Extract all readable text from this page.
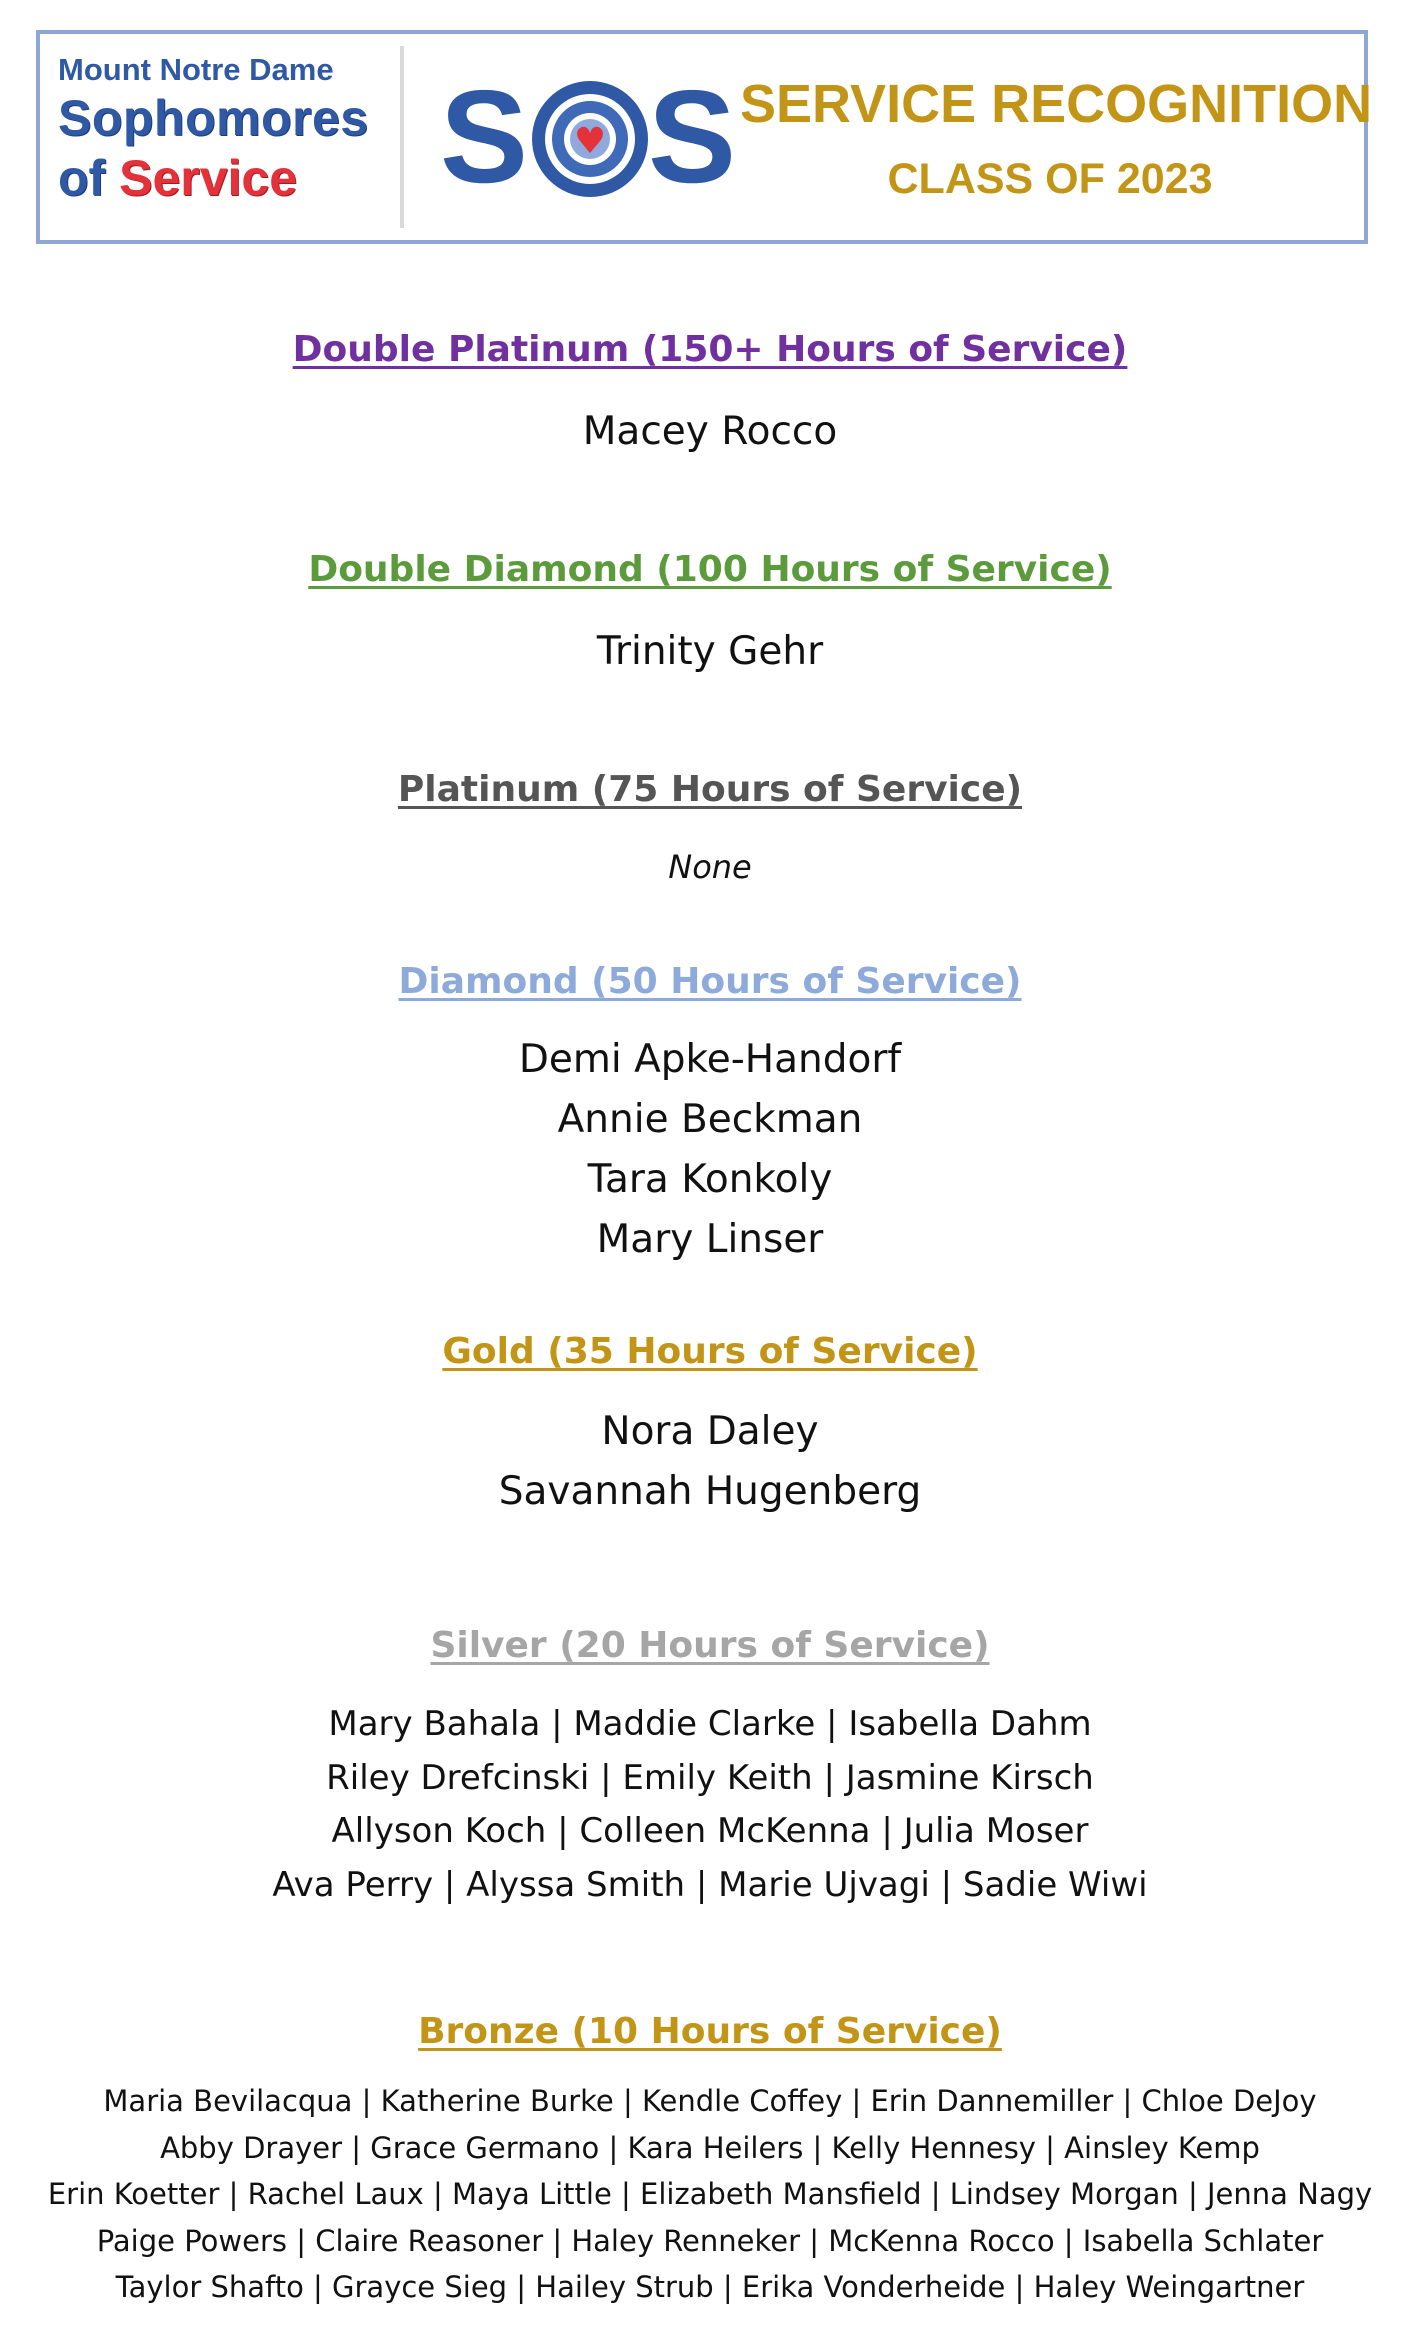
Mount Notre Dame
Sophomores
of Service	S ♥ S SERVICE RECOGNITION
CLASS OF 2023
Double Platinum (150+ Hours of Service)
Macey Rocco
Double Diamond (100 Hours of Service)
Trinity Gehr
Platinum (75 Hours of Service)
None
Diamond (50 Hours of Service)
Demi Apke-Handorf
Annie Beckman
Tara Konkoly
Mary Linser
Gold (35 Hours of Service)
Nora Daley
Savannah Hugenberg
Silver (20 Hours of Service)
Mary Bahala | Maddie Clarke | Isabella Dahm
Riley Drefcinski | Emily Keith | Jasmine Kirsch
Allyson Koch | Colleen McKenna | Julia Moser
Ava Perry | Alyssa Smith | Marie Ujvagi | Sadie Wiwi
Bronze (10 Hours of Service)
Maria Bevilacqua | Katherine Burke | Kendle Coffey | Erin Dannemiller | Chloe DeJoy
Abby Drayer | Grace Germano | Kara Heilers | Kelly Hennesy | Ainsley Kemp
Erin Koetter | Rachel Laux | Maya Little | Elizabeth Mansfield | Lindsey Morgan | Jenna Nagy
Paige Powers | Claire Reasoner | Haley Renneker | McKenna Rocco | Isabella Schlater
Taylor Shafto | Grayce Sieg | Hailey Strub | Erika Vonderheide | Haley Weingartner
